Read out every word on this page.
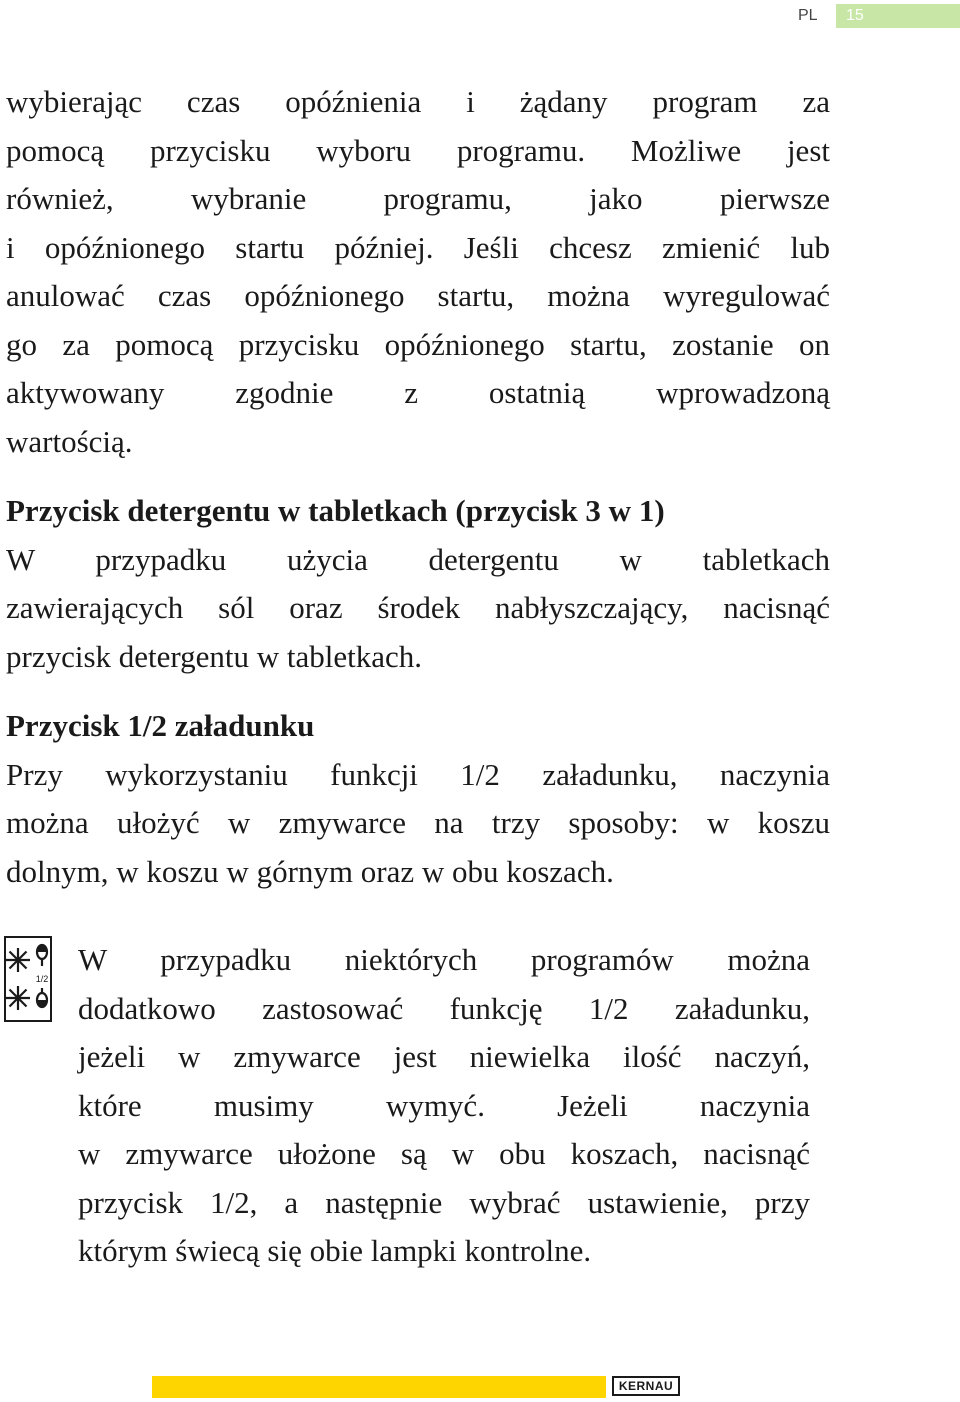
PL	15
wybierając czas opóźnienia i żądany program za
pomocą przycisku wyboru programu. Możliwe jest
również, wybranie programu, jako pierwsze
i opóźnionego startu później. Jeśli chcesz zmienić lub
anulować czas opóźnionego startu, można wyregulować
go za pomocą przycisku opóźnionego startu, zostanie on
aktywowany zgodnie z ostatnią wprowadzoną
wartością.
Przycisk detergentu w tabletkach (przycisk 3 w 1)
W przypadku użycia detergentu w tabletkach
zawierających sól oraz środek nabłyszczający, nacisnąć
przycisk detergentu w tabletkach.
Przycisk 1/2 załadunku
Przy wykorzystaniu funkcji 1/2 załadunku, naczynia
można ułożyć w zmywarce na trzy sposoby: w koszu
dolnym, w koszu w górnym oraz w obu koszach.
1/2
W przypadku niektórych programów można
dodatkowo zastosować funkcję 1/2 załadunku,
jeżeli w zmywarce jest niewielka ilość naczyń,
które musimy wymyć. Jeżeli naczynia
w zmywarce ułożone są w obu koszach, nacisnąć
przycisk 1/2, a następnie wybrać ustawienie, przy
którym świecą się obie lampki kontrolne.
KERNAU
